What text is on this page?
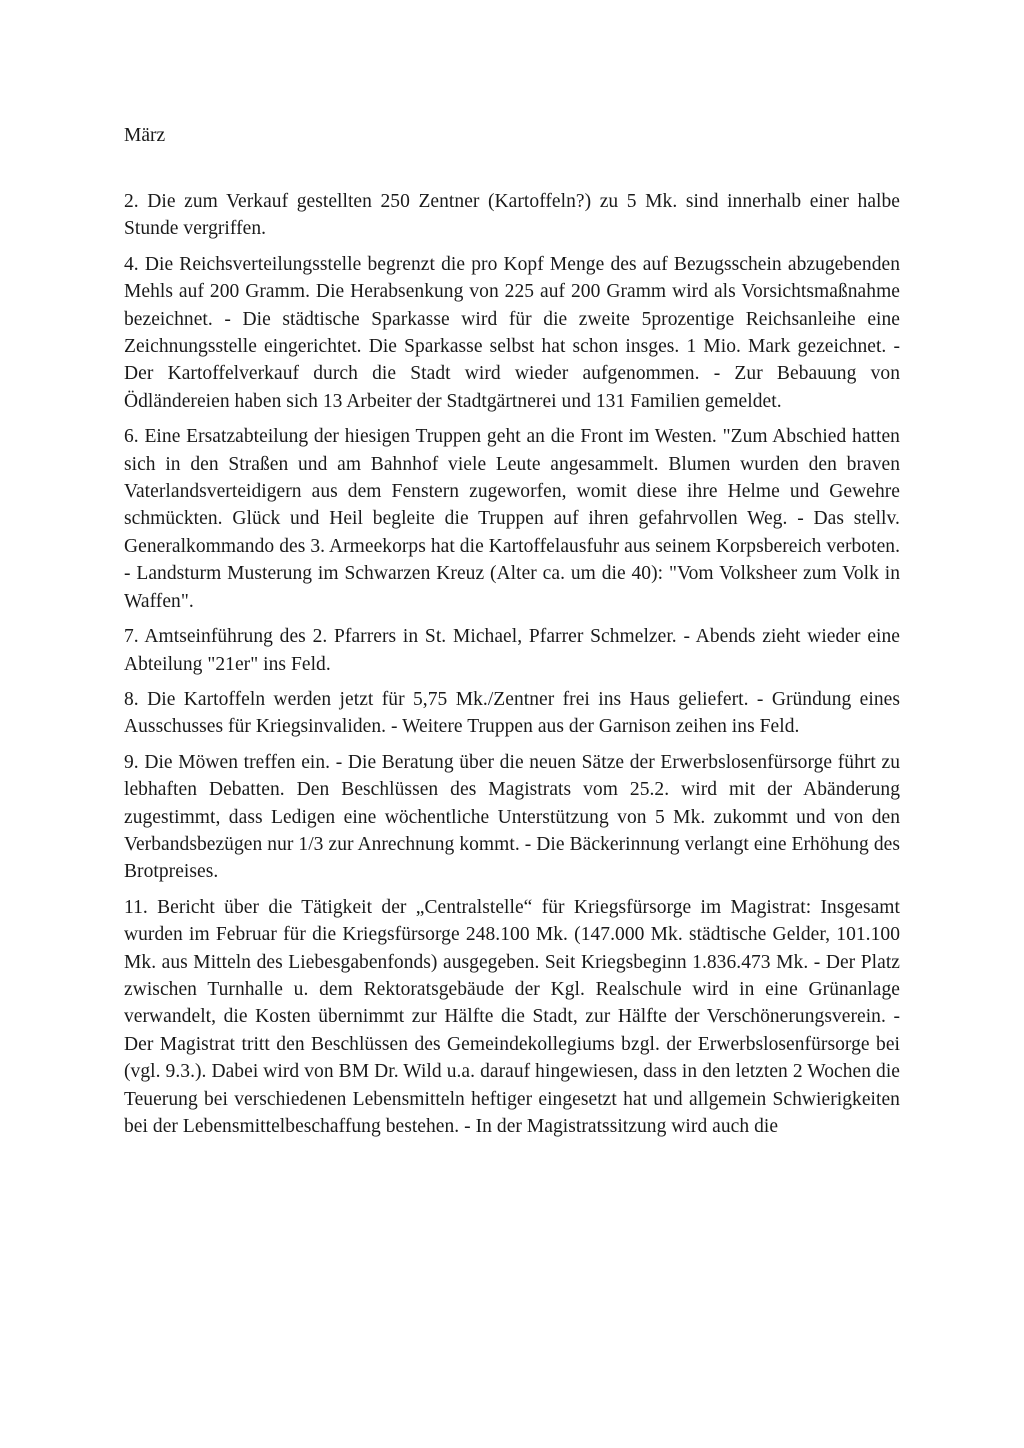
März

2. Die zum Verkauf gestellten 250 Zentner (Kartoffeln?) zu 5 Mk. sind innerhalb einer halbe Stunde vergriffen.

4. Die Reichsverteilungsstelle begrenzt die pro Kopf Menge des auf Bezugsschein abzugebenden Mehls auf 200 Gramm. Die Herabsenkung von 225 auf 200 Gramm wird als Vorsichtsmaßnahme bezeichnet. - Die städtische Sparkasse wird für die zweite 5prozentige Reichsanleihe eine Zeichnungsstelle eingerichtet. Die Sparkasse selbst hat schon insges. 1 Mio. Mark gezeichnet. - Der Kartoffelverkauf durch die Stadt wird wieder aufgenommen. - Zur Bebauung von Ödländereien haben sich 13 Arbeiter der Stadtgärtnerei und 131 Familien gemeldet.

6. Eine Ersatzabteilung der hiesigen Truppen geht an die Front im Westen. "Zum Abschied hatten sich in den Straßen und am Bahnhof viele Leute angesammelt. Blumen wurden den braven Vaterlandsverteidigern aus dem Fenstern zugeworfen, womit diese ihre Helme und Gewehre schmückten. Glück und Heil begleite die Truppen auf ihren gefahrvollen Weg. - Das stellv. Generalkommando des 3. Armeekorps hat die Kartoffelausfuhr aus seinem Korpsbereich verboten. - Landsturm Musterung im Schwarzen Kreuz (Alter ca. um die 40): "Vom Volksheer zum Volk in Waffen".

7. Amtseinführung des 2. Pfarrers in St. Michael, Pfarrer Schmelzer. - Abends zieht wieder eine Abteilung "21er" ins Feld.

8. Die Kartoffeln werden jetzt für 5,75 Mk./Zentner frei ins Haus geliefert. - Gründung eines Ausschusses für Kriegsinvaliden. - Weitere Truppen aus der Garnison zeihen ins Feld.

9. Die Möwen treffen ein. - Die Beratung über die neuen Sätze der Erwerbslosenfürsorge führt zu lebhaften Debatten. Den Beschlüssen des Magistrats vom 25.2. wird mit der Abänderung zugestimmt, dass Ledigen eine wöchentliche Unterstützung von 5 Mk. zukommt und von den Verbandsbezügen nur 1/3 zur Anrechnung kommt. - Die Bäckerinnung verlangt eine Erhöhung des Brotpreises.

11. Bericht über die Tätigkeit der „Centralstelle“ für Kriegsfürsorge im Magistrat: Insgesamt wurden im Februar für die Kriegsfürsorge 248.100 Mk. (147.000 Mk. städtische Gelder, 101.100 Mk. aus Mitteln des Liebesgabenfonds) ausgegeben. Seit Kriegsbeginn 1.836.473 Mk. - Der Platz zwischen Turnhalle u. dem Rektoratsgebäude der Kgl. Realschule wird in eine Grünanlage verwandelt, die Kosten übernimmt zur Hälfte die Stadt, zur Hälfte der Verschönerungsverein. - Der Magistrat tritt den Beschlüssen des Gemeindekollegiums bzgl. der Erwerbslosenfürsorge bei (vgl. 9.3.). Dabei wird von BM Dr. Wild u.a. darauf hingewiesen, dass in den letzten 2 Wochen die Teuerung bei verschiedenen Lebensmitteln heftiger eingesetzt hat und allgemein Schwierigkeiten bei der Lebensmittelbeschaffung bestehen. - In der Magistratssitzung wird auch die
